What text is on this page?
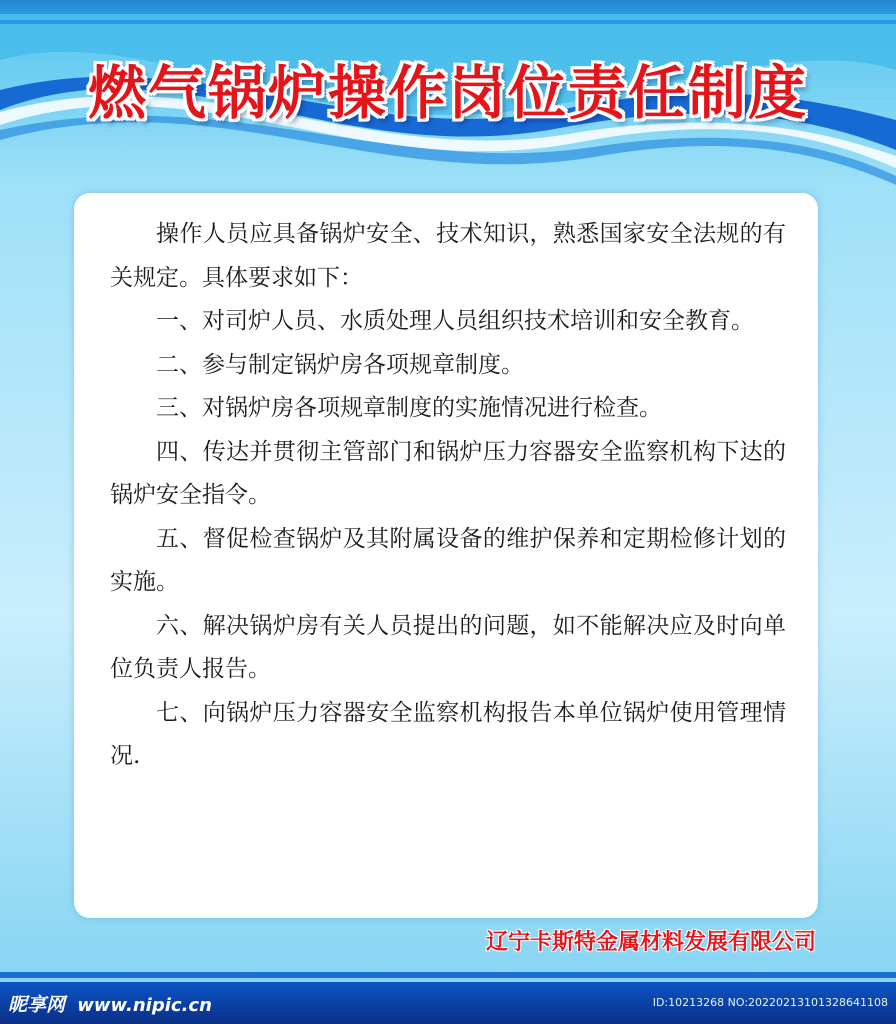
燃气锅炉操作岗位责任制度

操作人员应具备锅炉安全、技术知识，熟悉国家安全法规的有关规定。具体要求如下：

一、对司炉人员、水质处理人员组织技术培训和安全教育。

二、参与制定锅炉房各项规章制度。

三、对锅炉房各项规章制度的实施情况进行检查。

四、传达并贯彻主管部门和锅炉压力容器安全监察机构下达的锅炉安全指令。

五、督促检查锅炉及其附属设备的维护保养和定期检修计划的实施。

六、解决锅炉房有关人员提出的问题，如不能解决应及时向单位负责人报告。

七、向锅炉压力容器安全监察机构报告本单位锅炉使用管理情况.

辽宁卡斯特金属材料发展有限公司
昵享网 www.nipic.cn	ID:10213268 NO:20220213101328641108
